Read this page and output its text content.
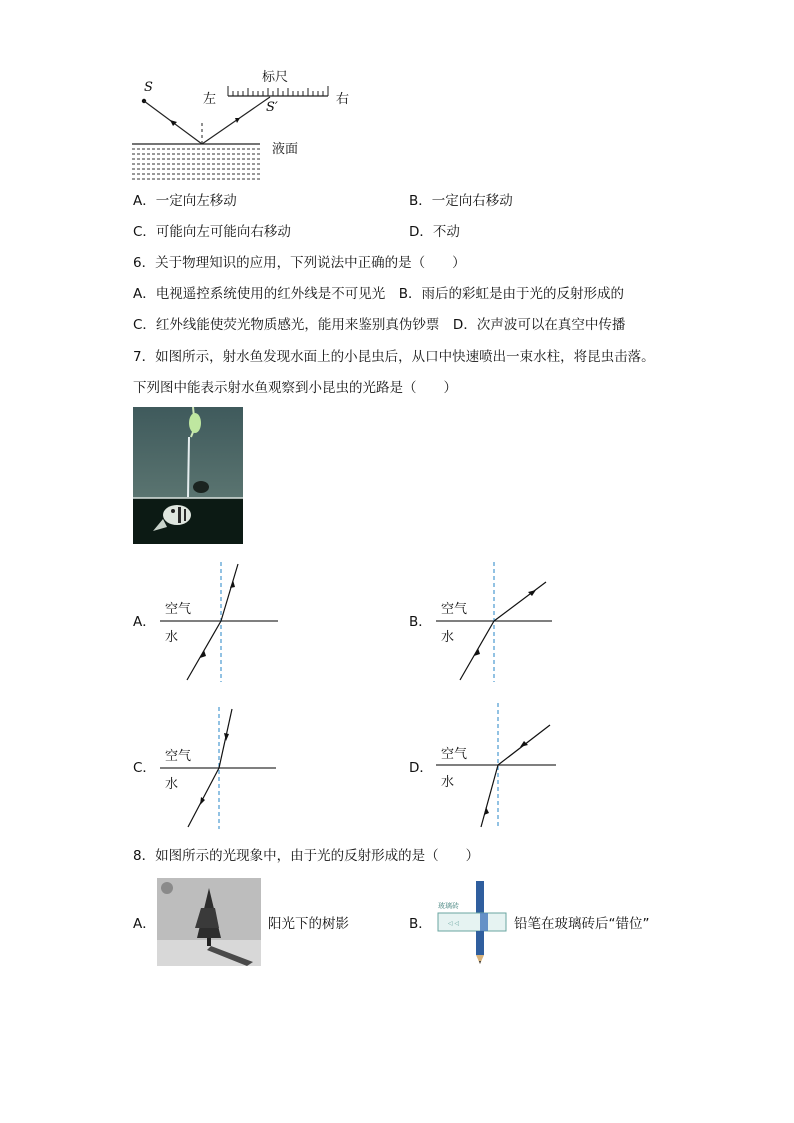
标尺
左	右
S
S′
液面
A．一定向左移动	B．一定向右移动
C．可能向左可能向右移动	D．不动
6．关于物理知识的应用，下列说法中正确的是（　　）
A．电视遥控系统使用的红外线是不可见光　B．雨后的彩虹是由于光的反射形成的
C．红外线能使荧光物质感光，能用来鉴别真伪钞票　D．次声波可以在真空中传播
7．如图所示，射水鱼发现水面上的小昆虫后，从口中快速喷出一束水柱，将昆虫击落。
下列图中能表示射水鱼观察到小昆虫的光路是（　　）
A．
空气
水
B．
空气
水
C．
空气
水
D．
空气
水
8．如图所示的光现象中，由于光的反射形成的是（　　）
A．	阳光下的树影	B．	◁ ◁
玻璃砖
铅笔在玻璃砖后“错位”
